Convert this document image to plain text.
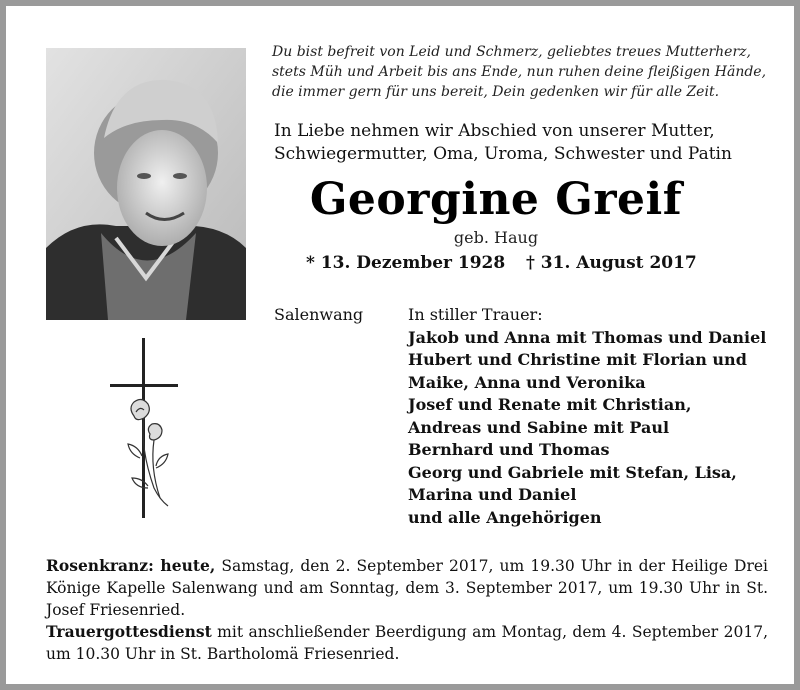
Du bist befreit von Leid und Schmerz, geliebtes treues Mutterherz,
stets Müh und Arbeit bis ans Ende, nun ruhen deine fleißigen Hände,
die immer gern für uns bereit, Dein gedenken wir für alle Zeit.
In Liebe nehmen wir Abschied von unserer Mutter,
Schwiegermutter, Oma, Uroma, Schwester und Patin
Georgine Greif
geb. Haug
* 13. Dezember 1928 † 31. August 2017
Salenwang	In stiller Trauer:
Jakob und Anna mit Thomas und Daniel
Hubert und Christine mit Florian und
Maike, Anna und Veronika
Josef und Renate mit Christian,
Andreas und Sabine mit Paul
Bernhard und Thomas
Georg und Gabriele mit Stefan, Lisa,
Marina und Daniel
und alle Angehörigen

Rosenkranz: heute, Samstag, den 2. September 2017, um 19.30 Uhr in der Heilige Drei Könige Kapelle Salenwang und am Sonntag, dem 3. September 2017, um 19.30 Uhr in St. Josef Friesenried.

Trauergottesdienst mit anschließender Beerdigung am Montag, dem 4. September 2017, um 10.30 Uhr in St. Bartholomä Friesenried.
